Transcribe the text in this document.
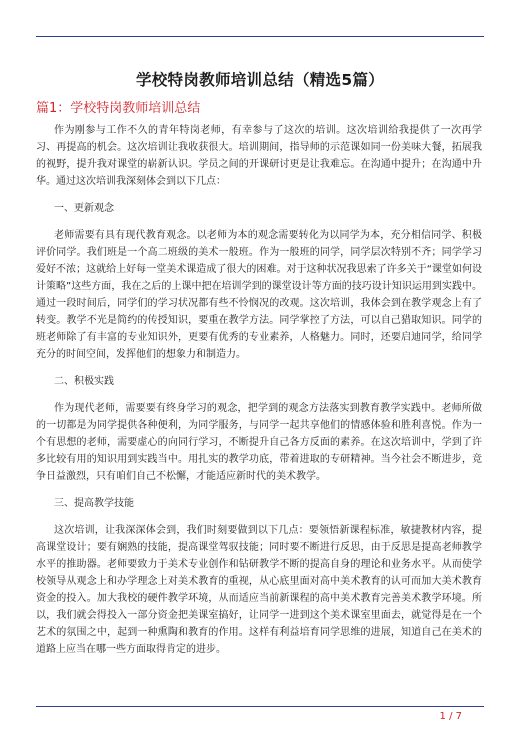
学校特岗教师培训总结（精选5篇）
篇1：学校特岗教师培训总结

作为刚参与工作不久的青年特岗老师，有幸参与了这次的培训。这次培训给我提供了一次再学习、再提高的机会。这次培训让我收获很大。培训期间，指导师的示范课如同一份美味大餐，拓展我的视野，提升我对课堂的崭新认识。学员之间的开课研讨更是让我难忘。在沟通中提升；在沟通中升华。通过这次培训我深刻体会到以下几点：

一、更新观念

老师需要有具有现代教育观念。以老师为本的观念需要转化为以同学为本，充分相信同学、积极评价同学。我们班是一个高二班级的美术一般班。作为一般班的同学，同学层次特别不齐；同学学习爱好不浓；这就给上好每一堂美术课造成了很大的困难。对于这种状况我思索了许多关于“课堂如何设计策略”这些方面，我在之后的上课中把在培训学到的课堂设计等方面的技巧设计知识运用到实践中。通过一段时间后，同学们的学习状况都有些不怜悯况的改观。这次培训，我体会到在教学观念上有了转变。教学不光是简约的传授知识，要重在教学方法。同学掌控了方法，可以自己猎取知识。同学的班老师除了有丰富的专业知识外，更要有优秀的专业素养，人格魅力。同时，还要启迪同学，给同学充分的时间空间，发挥他们的想象力和制造力。

二、积极实践

作为现代老师，需要要有终身学习的观念，把学到的观念方法落实到教育教学实践中。老师所做的一切都是为同学提供各种便利，为同学服务，与同学一起共享他们的情感体验和胜利喜悦。作为一个有思想的老师，需要虚心的向同行学习，不断提升自己各方反面的素养。在这次培训中，学到了许多比较有用的知识用到实践当中。用扎实的教学功底，带着进取的专研精神。当今社会不断进步，竞争日益激烈，只有咱们自己不松懈，才能适应新时代的美术教学。

三、提高教学技能

这次培训，让我深深体会到，我们时刻要做到以下几点：要领悟新课程标准，敏捷教材内容，提高课堂设计；要有娴熟的技能，提高课堂驾驭技能；同时要不断进行反思，由于反思是提高老师教学水平的推助器。老师要致力于美术专业创作和钻研教学不断的提高自身的理论和业务水平。从而使学校领导从观念上和办学理念上对美术教育的重视，从心底里面对高中美术教育的认可而加大美术教育资金的投入。加大我校的硬件教学环境，从而适应当前新课程的高中美术教育完善美术教学环境。所以，我们就会得投入一部分资金把美课室搞好，让同学一进到这个美术课室里面去，就觉得是在一个艺术的氛围之中，起到一种熏陶和教育的作用。这样有利益培育同学思维的进展，知道自己在美术的道路上应当在哪一些方面取得肯定的进步。

1 / 7
